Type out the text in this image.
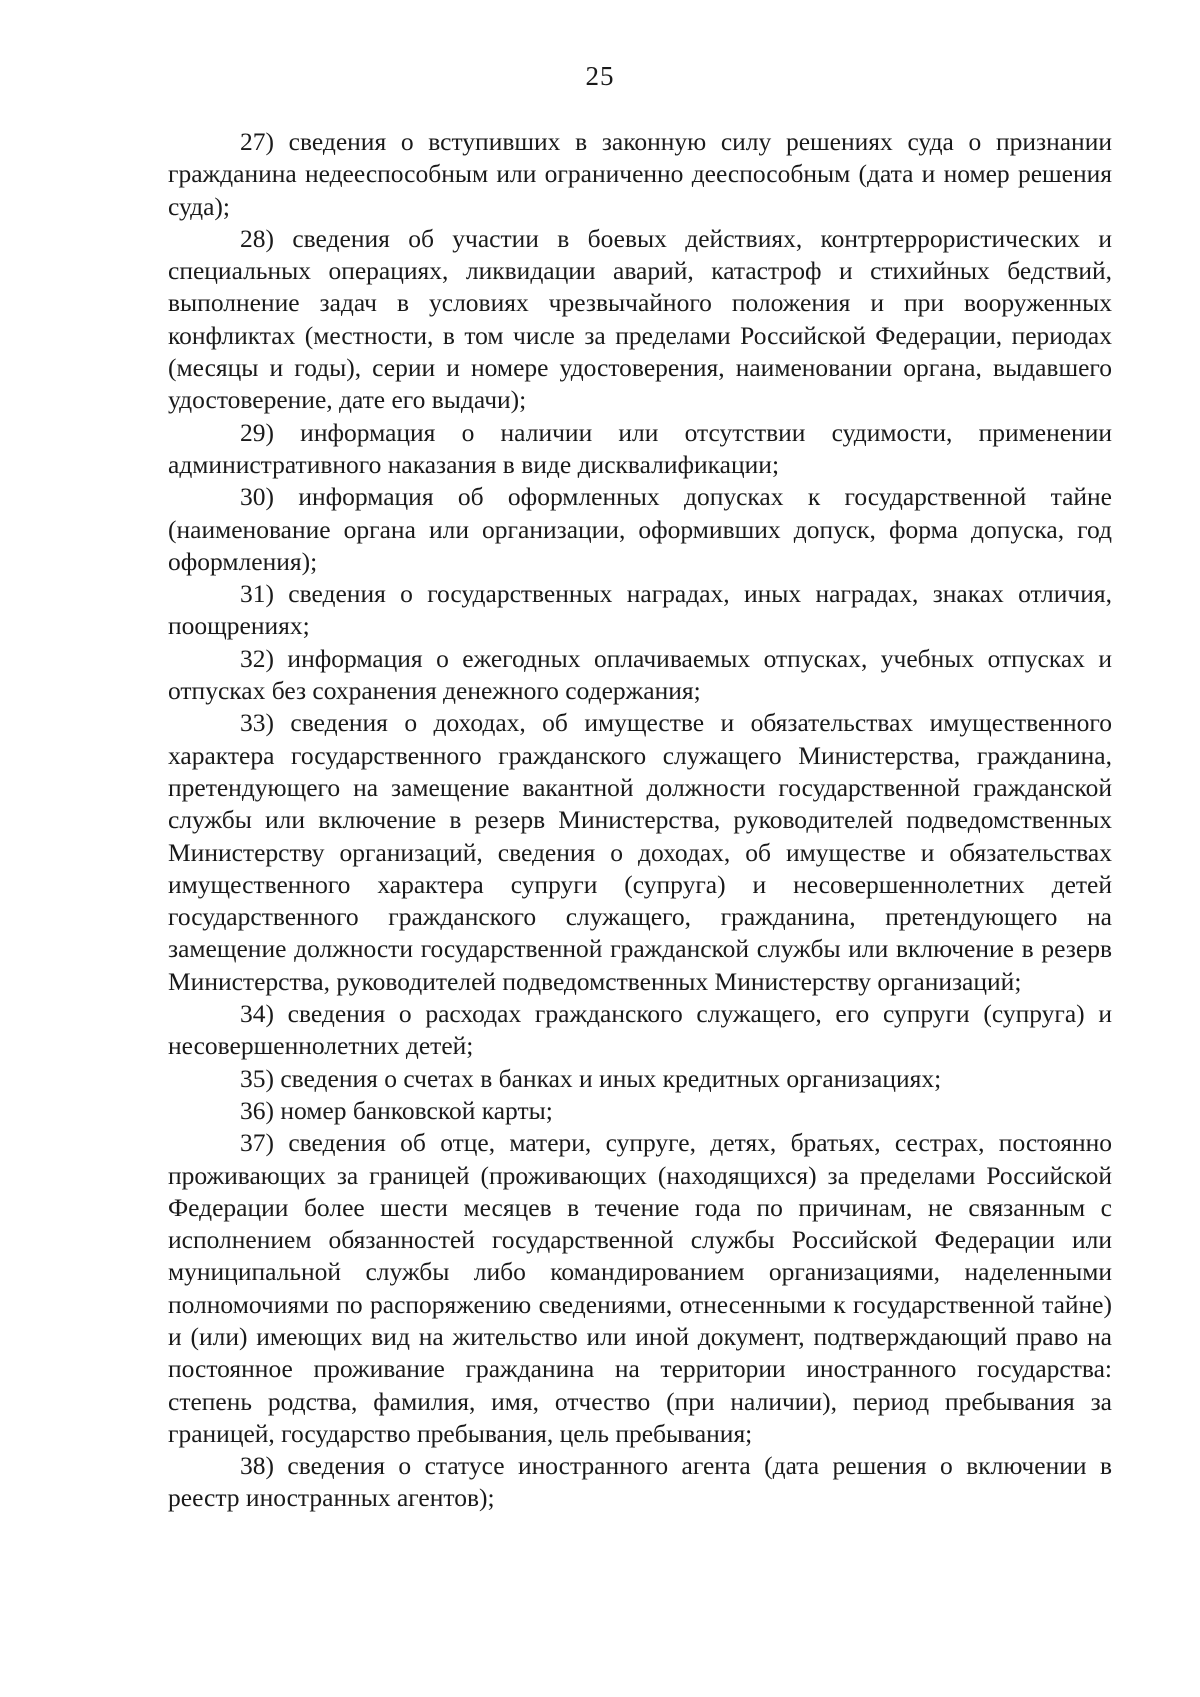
25

27) сведения о вступивших в законную силу решениях суда о признании гражданина недееспособным или ограниченно дееспособным (дата и номер решения суда);

28) сведения об участии в боевых действиях, контртеррористических и специальных операциях, ликвидации аварий, катастроф и стихийных бедствий, выполнение задач в условиях чрезвычайного положения и при вооруженных конфликтах (местности, в том числе за пределами Российской Федерации, периодах (месяцы и годы), серии и номере удостоверения, наименовании органа, выдавшего удостоверение, дате его выдачи);

29) информация о наличии или отсутствии судимости, применении административного наказания в виде дисквалификации;

30) информация об оформленных допусках к государственной тайне (наименование органа или организации, оформивших допуск, форма допуска, год оформления);

31) сведения о государственных наградах, иных наградах, знаках отличия, поощрениях;

32) информация о ежегодных оплачиваемых отпусках, учебных отпусках и отпусках без сохранения денежного содержания;

33) сведения о доходах, об имуществе и обязательствах имущественного характера государственного гражданского служащего Министерства, гражданина, претендующего на замещение вакантной должности государственной гражданской службы или включение в резерв Министерства, руководителей подведомственных Министерству организаций, сведения о доходах, об имуществе и обязательствах имущественного характера супруги (супруга) и несовершеннолетних детей государственного гражданского служащего, гражданина, претендующего на замещение должности государственной гражданской службы или включение в резерв Министерства, руководителей подведомственных Министерству организаций;

34) сведения о расходах гражданского служащего, его супруги (супруга) и несовершеннолетних детей;

35) сведения о счетах в банках и иных кредитных организациях;

36) номер банковской карты;

37) сведения об отце, матери, супруге, детях, братьях, сестрах, постоянно проживающих за границей (проживающих (находящихся) за пределами Российской Федерации более шести месяцев в течение года по причинам, не связанным с исполнением обязанностей государственной службы Российской Федерации или муниципальной службы либо командированием организациями, наделенными полномочиями по распоряжению сведениями, отнесенными к государственной тайне) и (или) имеющих вид на жительство или иной документ, подтверждающий право на постоянное проживание гражданина на территории иностранного государства: степень родства, фамилия, имя, отчество (при наличии), период пребывания за границей, государство пребывания, цель пребывания;

38) сведения о статусе иностранного агента (дата решения о включении в реестр иностранных агентов);
